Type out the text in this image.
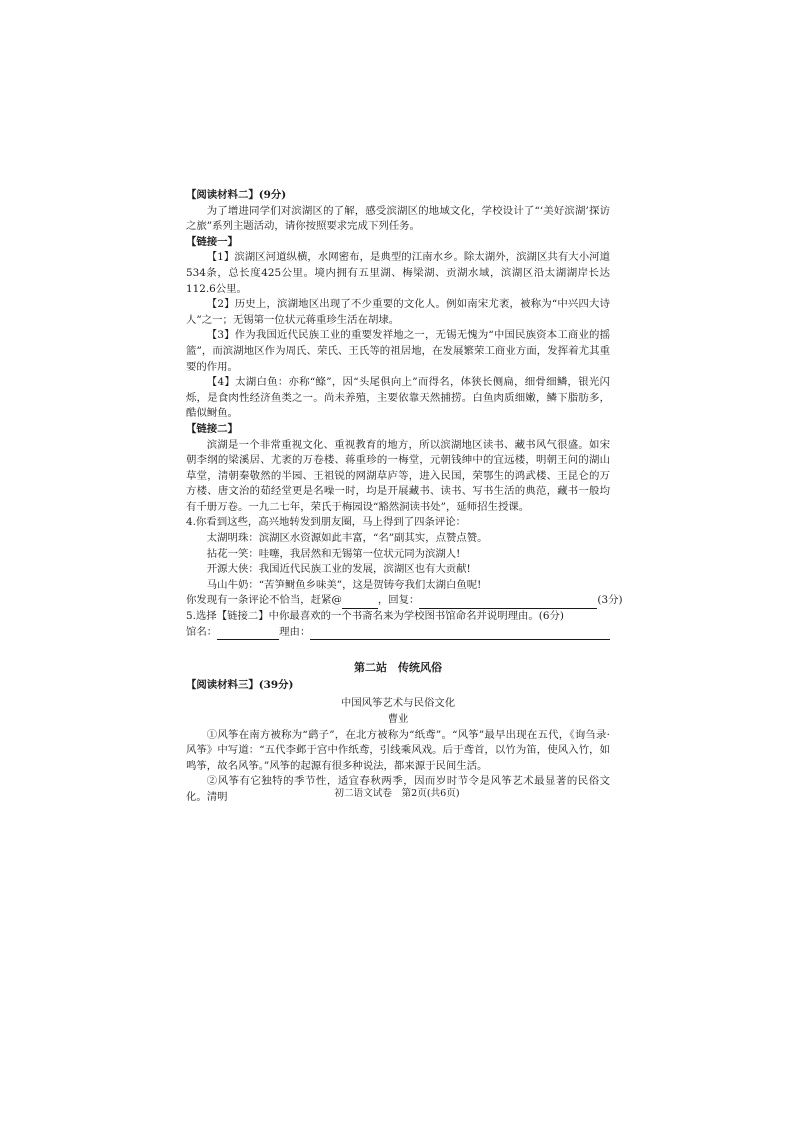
【阅读材料二】(9分)

为了增进同学们对滨湖区的了解，感受滨湖区的地域文化，学校设计了“‘美好滨湖’探访之旅”系列主题活动，请你按照要求完成下列任务。

【链接一】

【1】滨湖区河道纵横，水网密布，是典型的江南水乡。除太湖外，滨湖区共有大小河道534条，总长度425公里。境内拥有五里湖、梅梁湖、贡湖水域，滨湖区沿太湖湖岸长达112.6公里。

【2】历史上，滨湖地区出现了不少重要的文化人。例如南宋尤袤，被称为“中兴四大诗人”之一；无锡第一位状元蒋重珍生活在胡埭。

【3】作为我国近代民族工业的重要发祥地之一，无锡无愧为“中国民族资本工商业的摇篮”，而滨湖地区作为周氏、荣氏、王氏等的祖居地，在发展繁荣工商业方面，发挥着尤其重要的作用。

【4】太湖白鱼：亦称“鲦”，因“头尾俱向上”而得名，体狭长侧扁，细骨细鳞，银光闪烁，是食肉性经济鱼类之一。尚未养殖，主要依靠天然捕捞。白鱼肉质细嫩，鳞下脂肪多，酷似鲥鱼。

【链接二】

滨湖是一个非常重视文化、重视教育的地方，所以滨湖地区读书、藏书风气很盛。如宋朝李纲的梁溪居、尤袤的万卷楼、蒋重珍的一梅堂，元朝钱绅中的宜远楼，明朝王问的湖山草堂，清朝秦敬然的半园、王祖锐的网湖草庐等，进入民国，荣鄂生的鸿武楼、王昆仑的万方楼、唐文治的茹经堂更是名噪一时，均是开展藏书、读书、写书生活的典范，藏书一般均有千册万卷。一九二七年，荣氏于梅园设“豁然洞读书处”，延师招生授课。

4.你看到这些，高兴地转发到朋友圈，马上得到了四条评论：

太湖明珠：滨湖区水资源如此丰富，“名”副其实，点赞点赞。

拈花一笑：哇噻，我居然和无锡第一位状元同为滨湖人!

开源大侠：我国近代民族工业的发展，滨湖区也有大贡献!

马山牛奶：“苦笋鲥鱼乡味美”，这是贺铸夸我们太湖白鱼呢!

你发现有一条评论不恰当，赶紧@	，回复：	(3分)

5.选择【链接二】中你最喜欢的一个书斋名来为学校图书馆命名并说明理由。(6分)

馆名：	理由：

第二站　传统风俗

【阅读材料三】(39分)

中国风筝艺术与民俗文化

曹业

①风筝在南方被称为“鹞子”，在北方被称为“纸鸢”。“风筝”最早出现在五代，《询刍录·风筝》中写道：“五代李邺于宫中作纸鸢，引线乘风戏。后于鸢首，以竹为笛，使风入竹，如鸣筝，故名风筝。”风筝的起源有很多种说法，都来源于民间生活。

②风筝有它独特的季节性，适宜春秋两季，因而岁时节令是风筝艺术最显著的民俗文化。清明	初二语文试卷　第2页(共6页)
